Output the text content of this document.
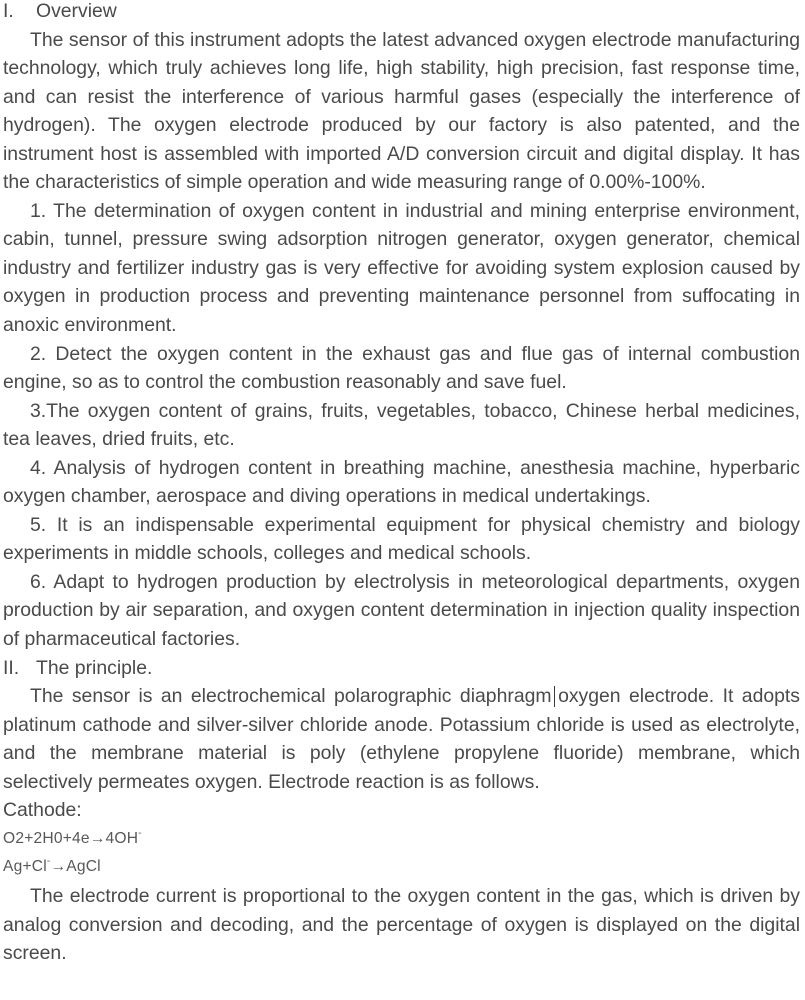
I. Overview

The sensor of this instrument adopts the latest advanced oxygen electrode manufacturing technology, which truly achieves long life, high stability, high precision, fast response time, and can resist the interference of various harmful gases (especially the interference of hydrogen). The oxygen electrode produced by our factory is also patented, and the instrument host is assembled with imported A/D conversion circuit and digital display. It has the characteristics of simple operation and wide measuring range of 0.00%-100%.

1. The determination of oxygen content in industrial and mining enterprise environment, cabin, tunnel, pressure swing adsorption nitrogen generator, oxygen generator, chemical industry and fertilizer industry gas is very effective for avoiding system explosion caused by oxygen in production process and preventing maintenance personnel from suffocating in anoxic environment.

2. Detect the oxygen content in the exhaust gas and flue gas of internal combustion engine, so as to control the combustion reasonably and save fuel.

3.The oxygen content of grains, fruits, vegetables, tobacco, Chinese herbal medicines, tea leaves, dried fruits, etc.

4. Analysis of hydrogen content in breathing machine, anesthesia machine, hyperbaric oxygen chamber, aerospace and diving operations in medical undertakings.

5. It is an indispensable experimental equipment for physical chemistry and biology experiments in middle schools, colleges and medical schools.

6. Adapt to hydrogen production by electrolysis in meteorological departments, oxygen production by air separation, and oxygen content determination in injection quality inspection of pharmaceutical factories.

II. The principle.

The sensor is an electrochemical polarographic diaphragm oxygen electrode. It adopts platinum cathode and silver-silver chloride anode. Potassium chloride is used as electrolyte, and the membrane material is poly (ethylene propylene fluoride) membrane, which selectively permeates oxygen. Electrode reaction is as follows.

Cathode:

O2+2H0+4e→4OH-

Ag+Cl-→AgCl

The electrode current is proportional to the oxygen content in the gas, which is driven by analog conversion and decoding, and the percentage of oxygen is displayed on the digital screen.
